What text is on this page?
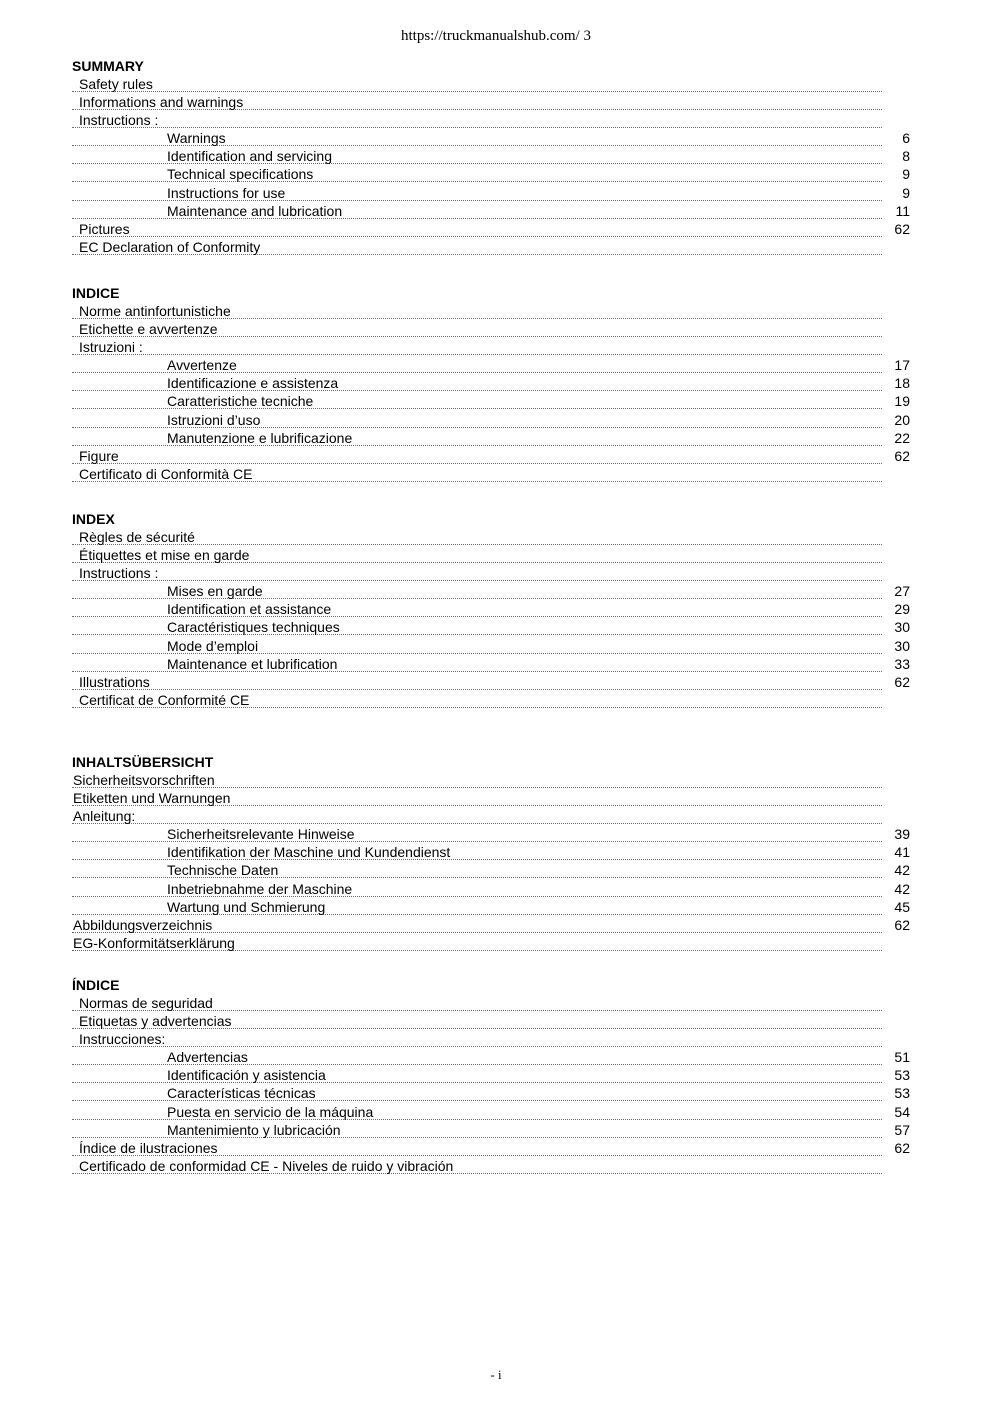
https://truckmanualshub.com/ 3
SUMMARY
Safety rules
Informations and warnings
Instructions :
Warnings	6
Identification and servicing	8
Technical specifications	9
Instructions for use	9
Maintenance and lubrication	11
Pictures	62
EC Declaration of Conformity
INDICE
Norme antinfortunistiche
Etichette e avvertenze
Istruzioni :
Avvertenze	17
Identificazione e assistenza	18
Caratteristiche tecniche	19
Istruzioni d’uso	20
Manutenzione e lubrificazione	22
Figure	62
Certificato di Conformità CE
INDEX
Règles de sécurité
Étiquettes et mise en garde
Instructions :
Mises en garde	27
Identification et assistance	29
Caractéristiques techniques	30
Mode d’emploi	30
Maintenance et lubrification	33
Illustrations	62
Certificat de Conformité CE
INHALTSÜBERSICHT
Sicherheitsvorschriften
Etiketten und Warnungen
Anleitung:
Sicherheitsrelevante Hinweise	39
Identifikation der Maschine und Kundendienst	41
Technische Daten	42
Inbetriebnahme der Maschine	42
Wartung und Schmierung	45
Abbildungsverzeichnis	62
EG-Konformitätserklärung
ÍNDICE
Normas de seguridad
Etiquetas y advertencias
Instrucciones:
Advertencias	51
Identificación y asistencia	53
Características técnicas	53
Puesta en servicio de la máquina	54
Mantenimiento y lubricación	57
Índice de ilustraciones	62
Certificado de conformidad CE - Niveles de ruido y vibración
- i
